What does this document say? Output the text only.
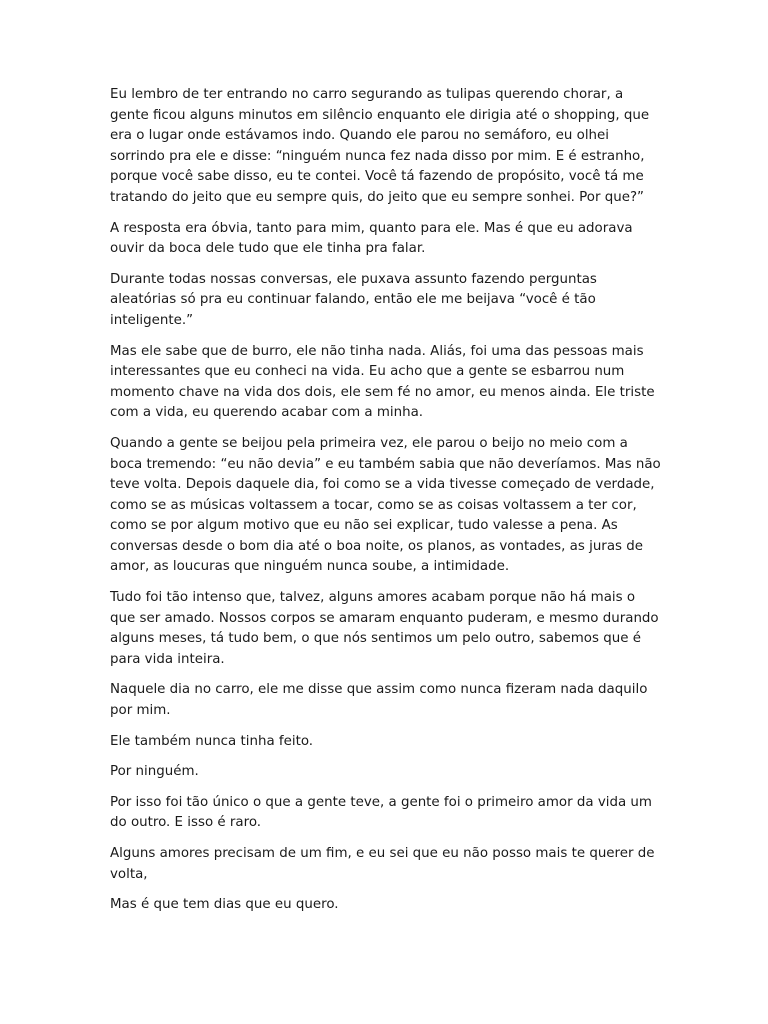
Eu lembro de ter entrando no carro segurando as tulipas querendo chorar, a gente ficou alguns minutos em silêncio enquanto ele dirigia até o shopping, que era o lugar onde estávamos indo. Quando ele parou no semáforo, eu olhei sorrindo pra ele e disse: “ninguém nunca fez nada disso por mim. E é estranho, porque você sabe disso, eu te contei. Você tá fazendo de propósito, você tá me tratando do jeito que eu sempre quis, do jeito que eu sempre sonhei. Por que?”

A resposta era óbvia, tanto para mim, quanto para ele. Mas é que eu adorava ouvir da boca dele tudo que ele tinha pra falar.

Durante todas nossas conversas, ele puxava assunto fazendo perguntas aleatórias só pra eu continuar falando, então ele me beijava “você é tão inteligente.”

Mas ele sabe que de burro, ele não tinha nada. Aliás, foi uma das pessoas mais interessantes que eu conheci na vida. Eu acho que a gente se esbarrou num momento chave na vida dos dois, ele sem fé no amor, eu menos ainda. Ele triste com a vida, eu querendo acabar com a minha.

Quando a gente se beijou pela primeira vez, ele parou o beijo no meio com a boca tremendo: “eu não devia” e eu também sabia que não deveríamos. Mas não teve volta. Depois daquele dia, foi como se a vida tivesse começado de verdade, como se as músicas voltassem a tocar, como se as coisas voltassem a ter cor, como se por algum motivo que eu não sei explicar, tudo valesse a pena. As conversas desde o bom dia até o boa noite, os planos, as vontades, as juras de amor, as loucuras que ninguém nunca soube, a intimidade.

Tudo foi tão intenso que, talvez, alguns amores acabam porque não há mais o que ser amado. Nossos corpos se amaram enquanto puderam, e mesmo durando alguns meses, tá tudo bem, o que nós sentimos um pelo outro, sabemos que é para vida inteira.

Naquele dia no carro, ele me disse que assim como nunca fizeram nada daquilo por mim.

Ele também nunca tinha feito.

Por ninguém.

Por isso foi tão único o que a gente teve, a gente foi o primeiro amor da vida um do outro. E isso é raro.

Alguns amores precisam de um fim, e eu sei que eu não posso mais te querer de volta,

Mas é que tem dias que eu quero.
